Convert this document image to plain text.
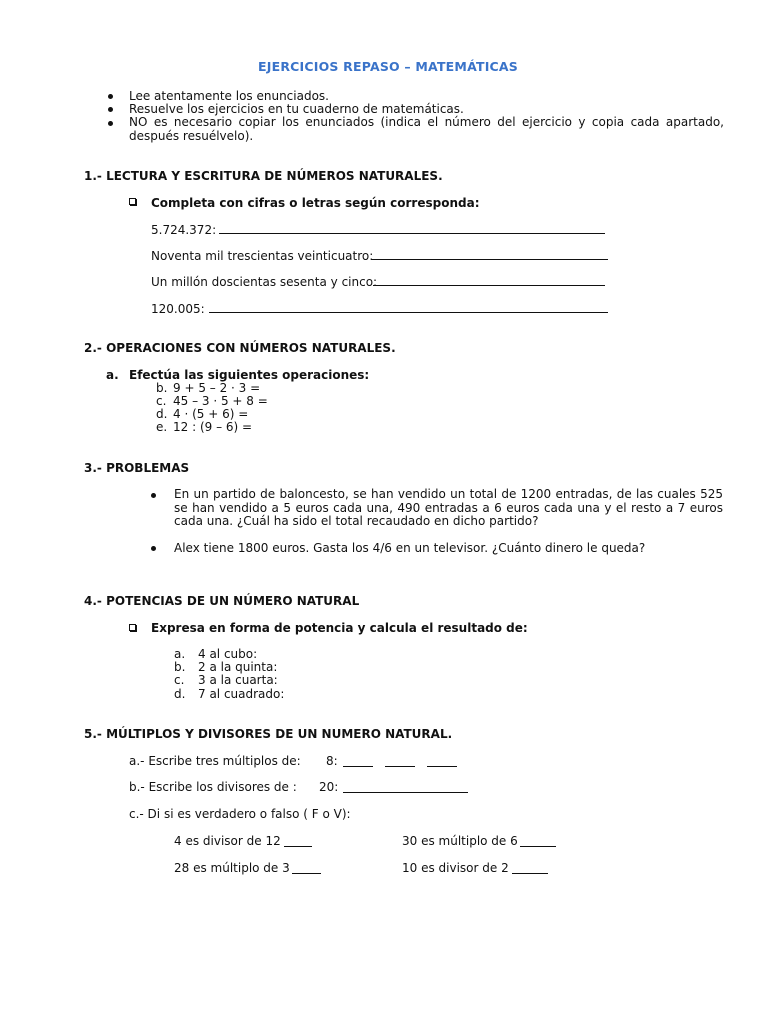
EJERCICIOS REPASO – MATEMÁTICAS
Lee atentamente los enunciados.
Resuelve los ejercicios en tu cuaderno de matemáticas.
NO es necesario copiar los enunciados (indica el número del ejercicio y copia cada apartado, después resuélvelo).
1.- LECTURA Y ESCRITURA DE NÚMEROS NATURALES.
Completa con cifras o letras según corresponda:
5.724.372:
Noventa mil trescientas veinticuatro:
Un millón doscientas sesenta y cinco:
120.005:
2.- OPERACIONES CON NÚMEROS NATURALES.
a. Efectúa las siguientes operaciones:
b. 9 + 5 – 2 · 3 =
c. 45 – 3 · 5 + 8 =
d. 4 · (5 + 6) =
e. 12 : (9 – 6) =
3.- PROBLEMAS
En un partido de baloncesto, se han vendido un total de 1200 entradas, de las cuales 525 se han vendido a 5 euros cada una, 490 entradas a 6 euros cada una y el resto a 7 euros cada una. ¿Cuál ha sido el total recaudado en dicho partido?
Alex tiene 1800 euros. Gasta los 4/6 en un televisor. ¿Cuánto dinero le queda?
4.- POTENCIAS DE UN NÚMERO NATURAL
Expresa en forma de potencia y calcula el resultado de:
a. 4 al cubo:
b. 2 a la quinta:
c. 3 a la cuarta:
d. 7 al cuadrado:
5.- MÚLTIPLOS Y DIVISORES DE UN NUMERO NATURAL.
a.- Escribe tres múltiplos de: 8:
b.- Escribe los divisores de : 20:
c.- Di si es verdadero o falso ( F o V):
4 es divisor de 12	30 es múltiplo de 6
28 es múltiplo de 3	10 es divisor de 2
